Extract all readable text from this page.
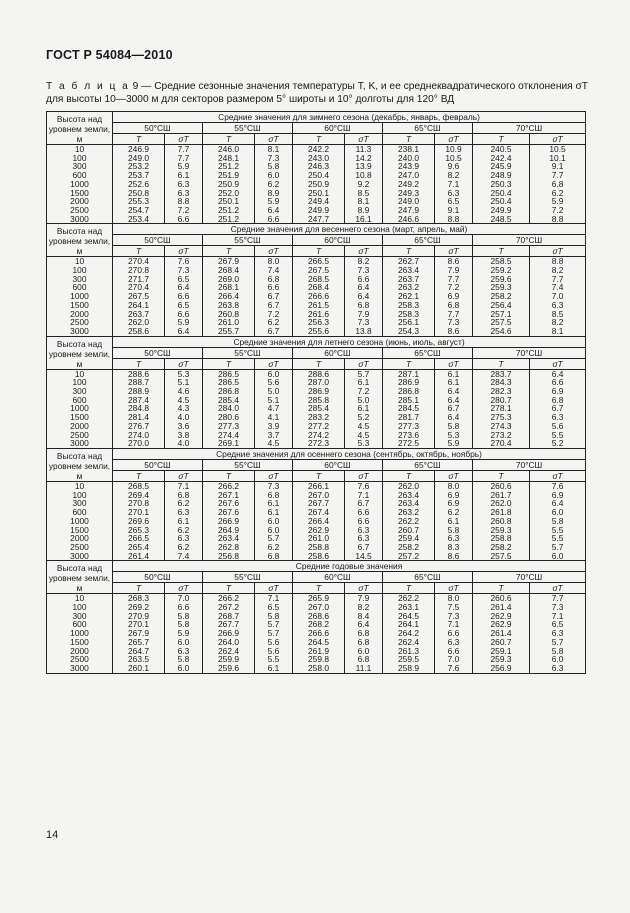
ГОСТ Р 54084—2010
Т а б л и ц а 9 — Средние сезонные значения температуры T, K, и ее среднеквадратического отклонения σT для высоты 10—3000 м для секторов размером 5° широты и 10° долготы для 120° ВД
Высота над уровнем земли, м	Средние значения для зимнего сезона (декабрь, январь, февраль)									
	50°СШ		55°СШ		60°СШ		65°СШ		70°СШ	
	T	σT	T	σT	T	σT	T	σT	T	σT
10	246.9	7.7	246.0	8.1	242.2	11.3	238.1	10.9	240.5	10.5
100	249.0	7.7	248.1	7.3	243.0	14.2	240.0	10.5	242.4	10.1
300	253.2	5.9	251.2	5.8	246.3	13.9	243.9	9.6	245.9	9.1
600	253.7	6.1	251.9	6.0	250.4	10.8	247.0	8.2	248.9	7.7
1000	252.6	6.3	250.9	6.2	250.9	9.2	249.2	7.1	250.3	6.8
1500	250.8	6.3	252.0	8.9	250.1	8.5	249.3	6.3	250.4	6.2
2000	255.3	8.8	250.1	5.9	249.4	8.1	249.0	6.5	250.4	5.9
2500	254.7	7.2	251.2	6.4	249.9	8.9	247.9	9.1	249.9	7.2
3000	253.4	6.6	251.2	6.6	247.7	16.1	246.6	8.8	248.5	8.8
Высота над уровнем земли, м	Средние значения для весеннего сезона (март, апрель, май)									
	50°СШ		55°СШ		60°СШ		65°СШ		70°СШ	
	T	σT	T	σT	T	σT	T	σT	T	σT
10	270.4	7.6	267.9	8.0	266.5	8.2	262.7	8.6	258.5	8.8
100	270.8	7.3	268.4	7.4	267.5	7.3	263.4	7.9	259.2	8.2
300	271.7	6.5	269.0	6.8	268.5	6.6	263.7	7.7	259.6	7.7
600	270.4	6.4	268.1	6.6	268.4	6.4	263.2	7.2	259.3	7.4
1000	267.5	6.6	266.4	6.7	266.6	6.4	262.1	6.9	258.2	7.0
1500	264.1	6.5	263.8	6.7	261.5	6.8	258.3	6.8	256.4	6.3
2000	263.7	6.6	260.8	7.2	261.6	7.9	258.3	7.7	257.1	8.5
2500	262.0	5.9	261.0	6.2	256.3	7.3	256.1	7.3	257.5	8.2
3000	258.6	6.4	255.7	6.7	255.6	13.8	254.3	8.6	254.6	8.1
Высота над уровнем земли, м	Средние значения для летнего сезона (июнь, июль, август)									
	50°СШ		55°СШ		60°СШ		65°СШ		70°СШ	
	T	σT	T	σT	T	σT	T	σT	T	σT
10	288.6	5.3	286.5	6.0	288.6	5.7	287.1	6.1	283.7	6.4
100	288.7	5.1	286.5	5.6	287.0	6.1	286.9	6.1	284.3	6.6
300	288.9	4.6	286.8	5.0	286.9	7.2	286.8	6.4	282.3	6.9
600	287.4	4.5	285.4	5.1	285.8	5.0	285.1	6.4	280.7	6.8
1000	284.8	4.3	284.0	4.7	285.4	6.1	284.5	6.7	278.1	6.7
1500	281.4	4.0	280.6	4.1	283.2	5.2	281.7	6.4	275.3	6.3
2000	276.7	3.6	277.3	3.9	277.2	4.5	277.3	5.8	274.3	5.6
2500	274.0	3.8	274.4	3.7	274.2	4.5	273.6	5.3	273.2	5.5
3000	270.0	4.0	269.1	4.5	272.3	5.3	272.5	5.9	270.4	5.2
Высота над уровнем земли, м	Средние значения для осеннего сезона (сентябрь, октябрь, ноябрь)									
	50°СШ		55°СШ		60°СШ		65°СШ		70°СШ	
	T	σT	T	σT	T	σT	T	σT	T	σT
10	268.5	7.1	266.2	7.3	266.1	7.6	262.0	8.0	260.6	7.6
100	269.4	6.8	267.1	6.8	267.0	7.1	263.4	6.9	261.7	6.9
300	270.8	6.2	267.6	6.1	267.7	6.7	263.4	6.9	262.0	6.4
600	270.1	6.3	267.6	6.1	267.4	6.6	263.2	6.2	261.8	6.0
1000	269.6	6.1	266.9	6.0	266.4	6.6	262.2	6.1	260.8	5.8
1500	265.3	6.2	264.9	6.0	262.9	6.3	260.7	5.8	259.3	5.5
2000	266.5	6.3	263.4	5.7	261.0	6.3	259.4	6.3	258.8	5.5
2500	265.4	6.2	262.8	6.2	258.8	6.7	258.2	8.3	258.2	5.7
3000	261.4	7.4	256.8	6.8	258.6	14.5	257.2	8.6	257.5	6.0
Высота над уровнем земли, м	Средние годовые значения									
	50°СШ		55°СШ		60°СШ		65°СШ		70°СШ	
	T	σT	T	σT	T	σT	T	σT	T	σT
10	268.3	7.0	266.2	7.1	265.9	7.9	262.2	8.0	260.6	7.7
100	269.2	6.6	267.2	6.5	267.0	8.2	263.1	7.5	261.4	7.3
300	270.9	5.8	268.7	5.8	268.6	8.4	264.5	7.3	262.9	7.1
600	270.1	5.8	267.7	5.7	268.2	6.4	264.1	7.1	262.9	6.5
1000	267.9	5.9	266.9	5.7	266.6	6.8	264.2	6.6	261.4	6.3
1500	265.7	6.0	264.0	5.6	264.5	6.8	262.4	6.3	260.7	5.7
2000	264.7	6.3	262.4	5.6	261.9	6.0	261.3	6.6	259.1	5.8
2500	263.5	5.8	259.9	5.5	259.8	6.8	259.5	7.0	259.3	6.0
3000	260.1	6.0	259.6	6.1	258.0	11.1	258.9	7.6	256.9	6.3
14
